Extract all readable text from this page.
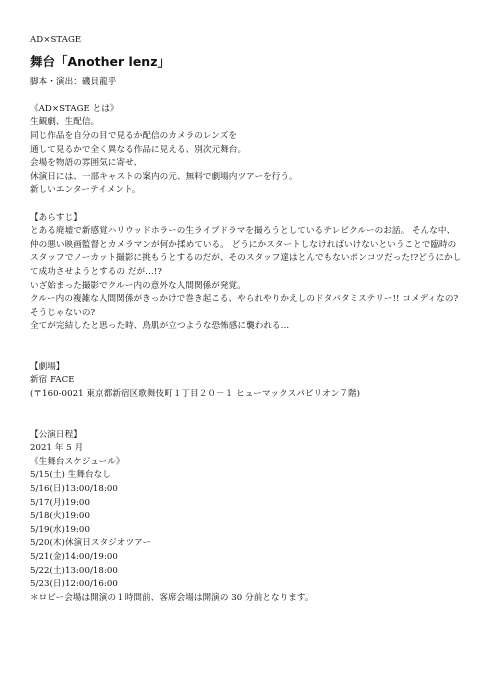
AD×STAGE
舞台「Another lenz」
脚本・演出：磯貝龍乎
《AD×STAGE とは》
生観劇、生配信。
同じ作品を自分の目で見るか配信のカメラのレンズを
通して見るかで全く異なる作品に見える、別次元舞台。
会場を物語の雰囲気に寄せ、
休演日には、一部キャストの案内の元、無料で劇場内ツアーを行う。
新しいエンターテイメント。
【あらすじ】
とある廃墟で新感覚ハリウッドホラーの生ライブドラマを撮ろうとしているテレビクルーのお話。 そんな中、
仲の悪い映画監督とカメラマンが何か揉めている。 どうにかスタートしなければいけないということで臨時の
スタッフでノーカット撮影に挑もうとするのだが、そのスタッフ達はとんでもないポンコツだった!?どうにかし
て成功させようとするの だが…!?
いざ始まった撮影でクルー内の意外な人間関係が発覚。
クルー内の複雑な人間関係がきっかけで巻き起こる、やられやりかえしのドタバタミステリー!! コメディなの?
そうじゃないの?
全てが完結したと思った時、鳥肌が立つような恐怖感に襲われる…
【劇場】
新宿 FACE
(〒160-0021 東京都新宿区歌舞伎町１丁目２０－１ ヒューマックスパビリオン７階)
【公演日程】
2021 年 5 月
《生舞台スケジュール》
5/15(土) 生舞台なし
5/16(日)13:00/18:00
5/17(月)19:00
5/18(火)19:00
5/19(水)19:00
5/20(木)休演日スタジオツアー
5/21(金)14:00/19:00
5/22(土)13:00/18:00
5/23(日)12:00/16:00
＊ロビー会場は開演の１時間前、客席会場は開演の 30 分前となります。
